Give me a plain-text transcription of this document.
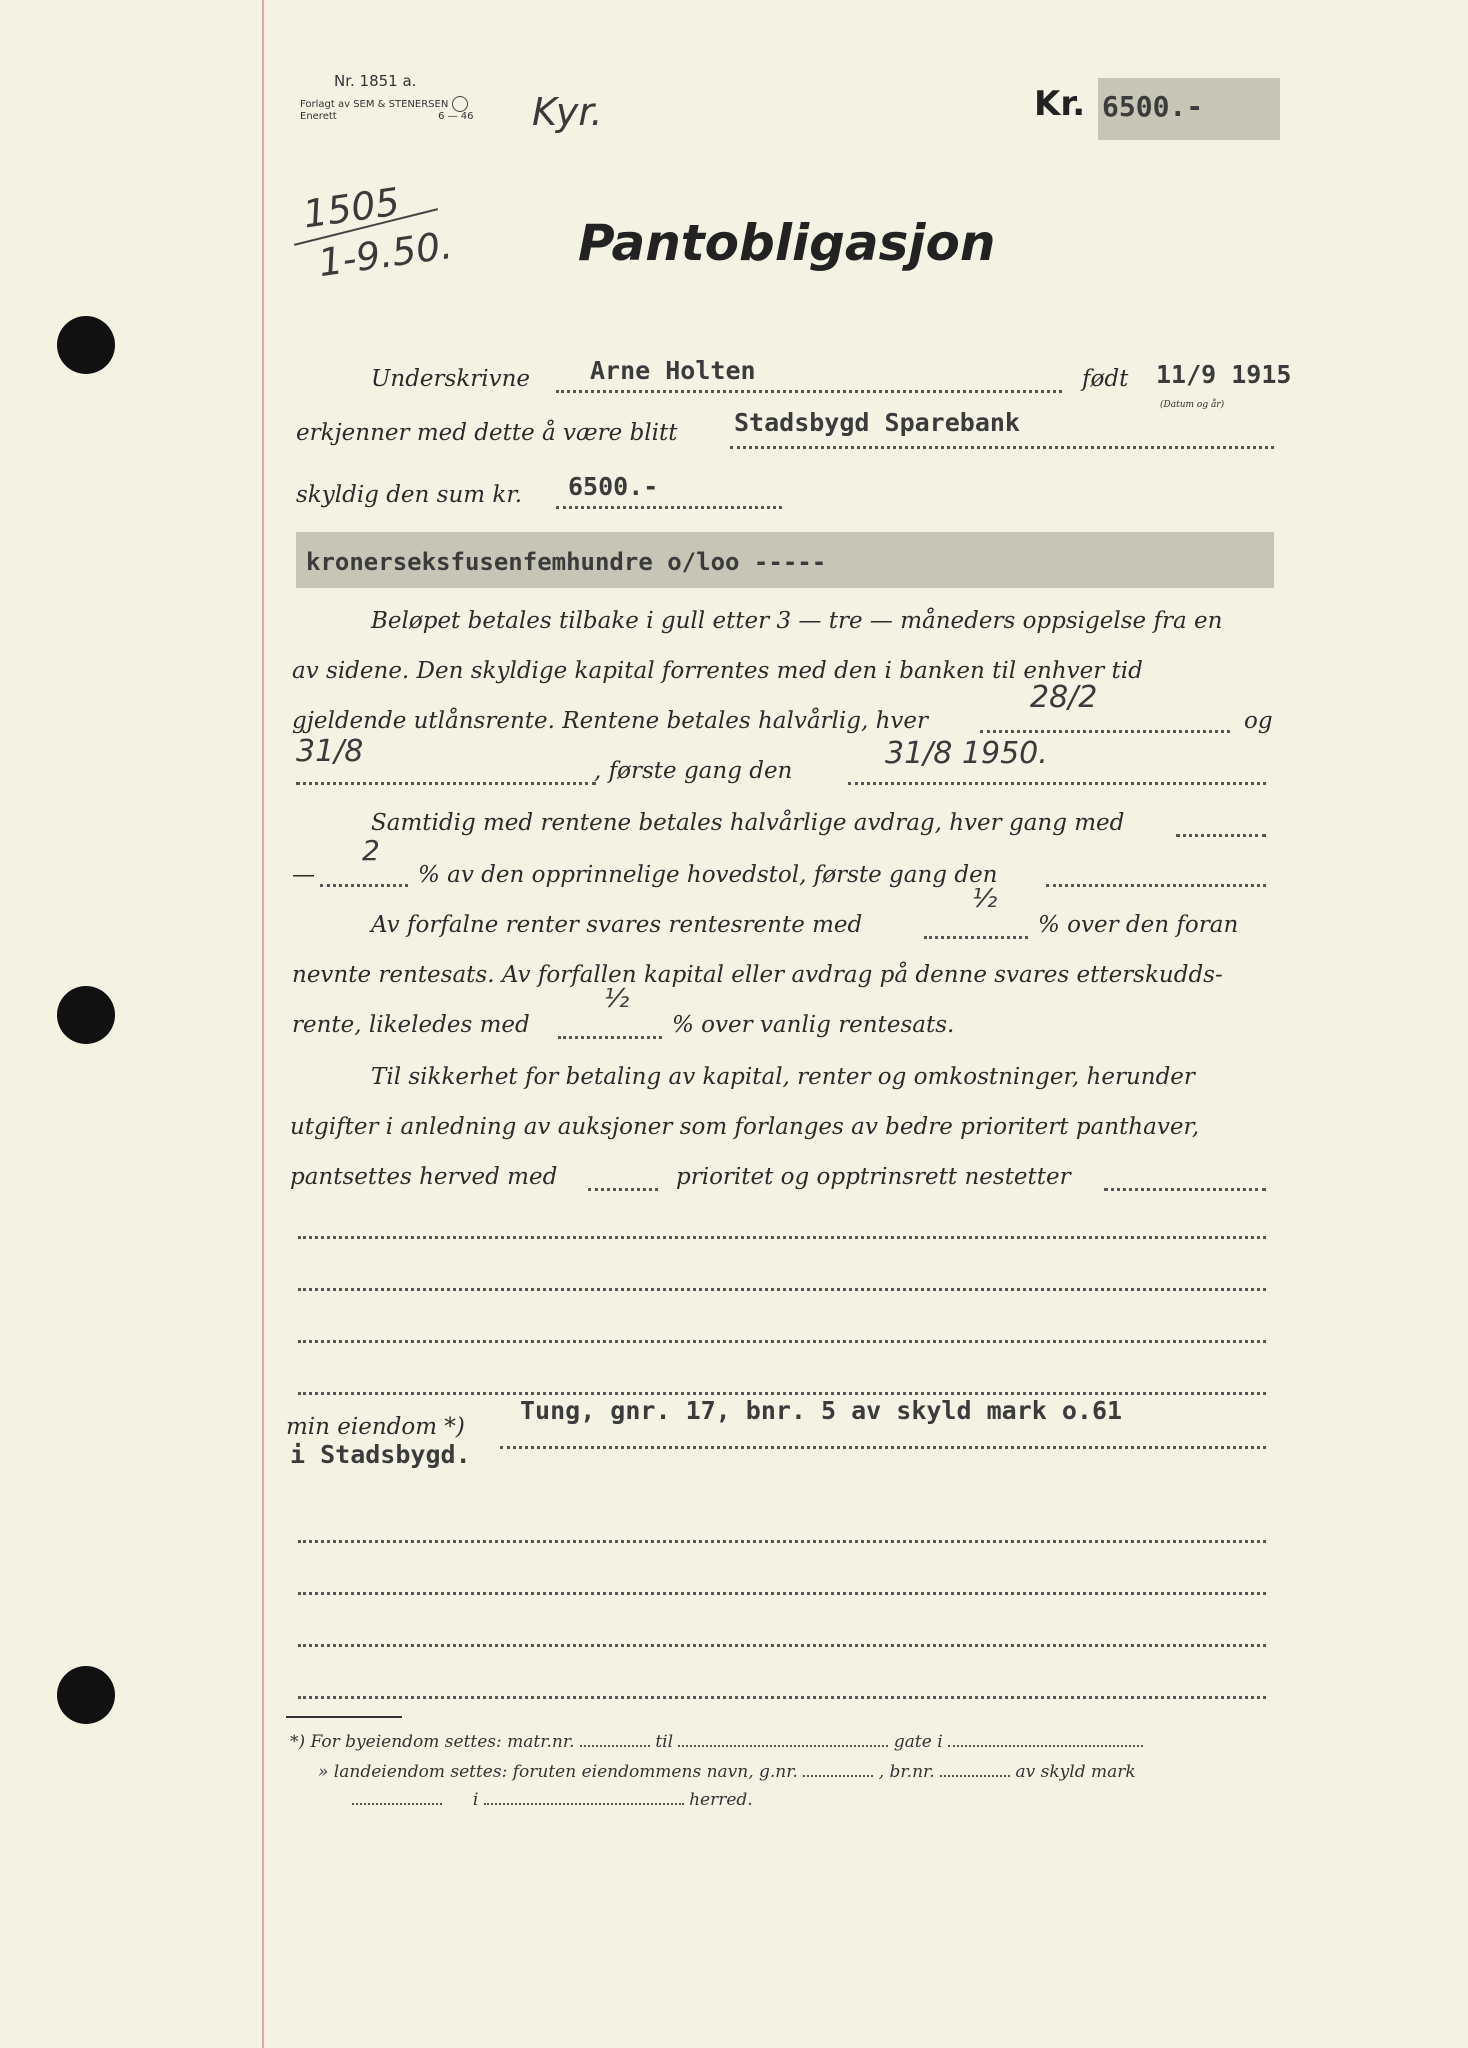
Nr. 1851 a.
Forlagt av SEM & STENERSEN
Enerett	6 — 46 Kyr.
1505
1-9.50.
Kr. 6500.-
Pantobligasjon
Underskrivne Arne Holten	født 11/9 1915
(Datum og år)
erkjenner med dette å være blitt Stadsbygd Sparebank
skyldig den sum kr. 6500.-
kronerseksfusenfemhundre o/loo -----
Beløpet betales tilbake i gull etter 3 — tre — måneders oppsigelse fra en
av sidene. Den skyldige kapital forrentes med den i banken til enhver tid
gjeldende utlånsrente. Rentene betales halvårlig, hver
28/2
og
31/8
, første gang den	31/8 1950.
Samtidig med rentene betales halvårlige avdrag, hver gang med
—
2
% av den opprinnelige hovedstol, første gang den
Av forfalne renter svares rentesrente med
½
% over den foran
nevnte rentesats. Av forfallen kapital eller avdrag på denne svares etterskudds-
rente, likeledes med
½
% over vanlig rentesats.
Til sikkerhet for betaling av kapital, renter og omkostninger, herunder
utgifter i anledning av auksjoner som forlanges av bedre prioritert panthaver,
pantsettes herved med	prioritet og opptrinsrett nestetter
min eiendom *)
Tung, gnr. 17, bnr. 5 av skyld mark o.61
i Stadsbygd.
*) For byeiendom settes: matr.nr.	til	gate i
» landeiendom settes: foruten eiendommens navn, g.nr.	, br.nr.	av skyld mark
i	herred.
